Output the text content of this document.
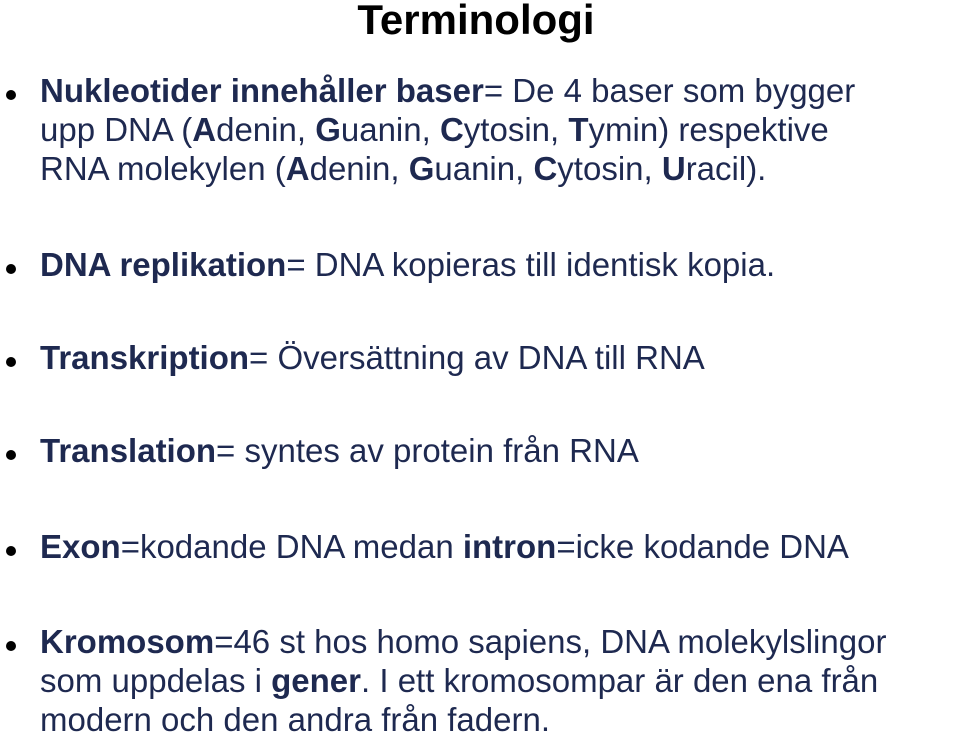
Terminologi
Nukleotider innehåller baser= De 4 baser som bygger
upp DNA (Adenin, Guanin, Cytosin, Tymin) respektive
RNA molekylen (Adenin, Guanin, Cytosin, Uracil).
DNA replikation= DNA kopieras till identisk kopia.
Transkription= Översättning av DNA till RNA
Translation= syntes av protein från RNA
Exon=kodande DNA medan intron=icke kodande DNA
Kromosom=46 st hos homo sapiens, DNA molekylslingor
som uppdelas i gener. I ett kromosompar är den ena från
modern och den andra från fadern.
